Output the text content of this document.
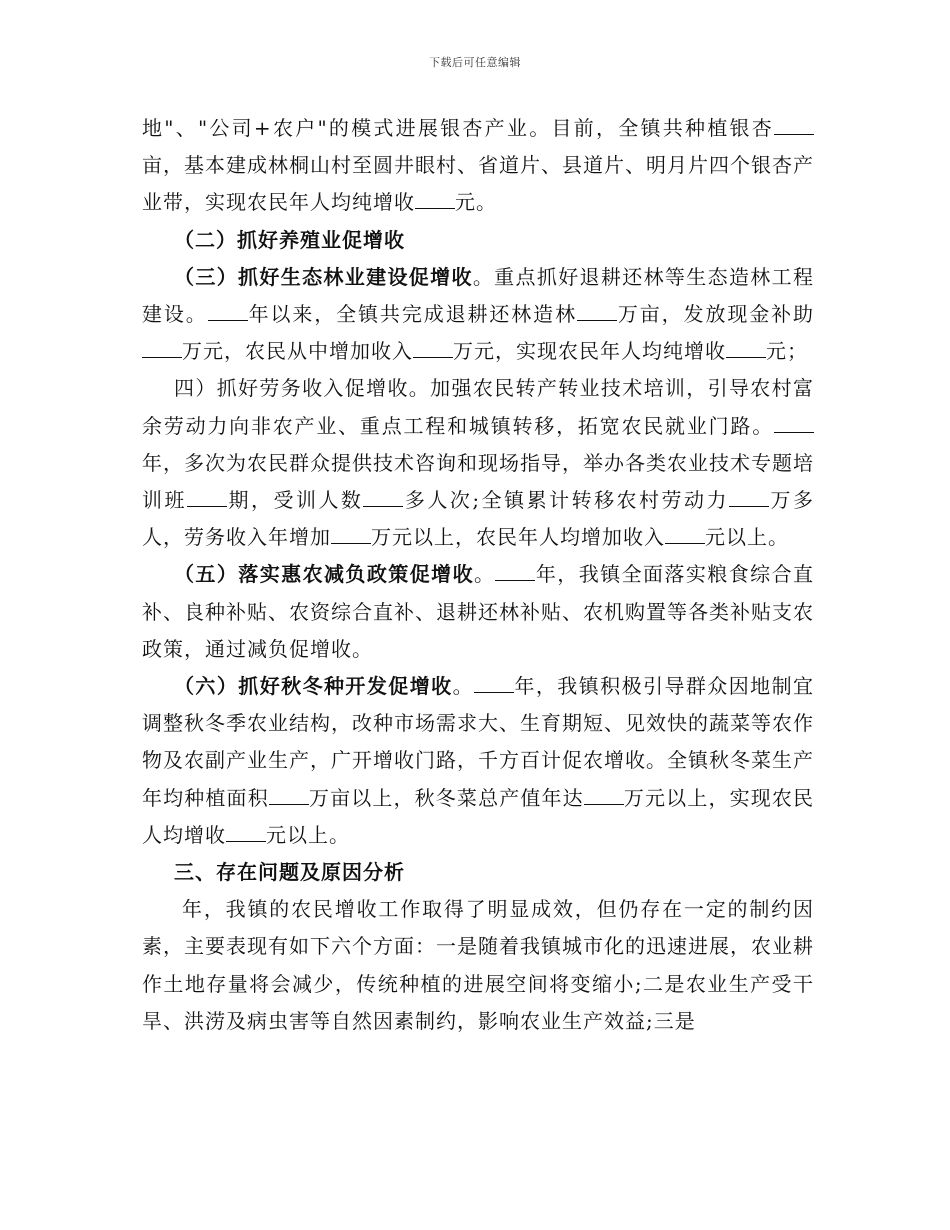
下载后可任意编辑

地"、"公司+农户"的模式进展银杏产业。目前，全镇共种植银杏亩，基本建成林桐山村至圆井眼村、省道片、县道片、明月片四个银杏产业带，实现农民年人均纯增收 元。

（二）抓好养殖业促增收

（三）抓好生态林业建设促增收。重点抓好退耕还林等生态造林工程建设。 年以来，全镇共完成退耕还林造林 万亩，发放现金补助万元，农民从中增加收入 万元，实现农民年人均纯增收 元；

四）抓好劳务收入促增收。加强农民转产转业技术培训，引导农村富余劳动力向非农产业、重点工程和城镇转移，拓宽农民就业门路。年，多次为农民群众提供技术咨询和现场指导，举办各类农业技术专题培训班 期，受训人数 多人次;全镇累计转移农村劳动力 万多人，劳务收入年增加 万元以上，农民年人均增加收入 元以上。

（五）落实惠农减负政策促增收。 年，我镇全面落实粮食综合直补、良种补贴、农资综合直补、退耕还林补贴、农机购置等各类补贴支农政策，通过减负促增收。

（六）抓好秋冬种开发促增收。 年，我镇积极引导群众因地制宜调整秋冬季农业结构，改种市场需求大、生育期短、见效快的蔬菜等农作物及农副产业生产，广开增收门路，千方百计促农增收。全镇秋冬菜生产年均种植面积 万亩以上，秋冬菜总产值年达 万元以上，实现农民人均增收 元以上。

三、存在问题及原因分析

年，我镇的农民增收工作取得了明显成效，但仍存在一定的制约因素，主要表现有如下六个方面：一是随着我镇城市化的迅速进展，农业耕作土地存量将会减少，传统种植的进展空间将变缩小;二是农业生产受干旱、洪涝及病虫害等自然因素制约，影响农业生产效益;三是
